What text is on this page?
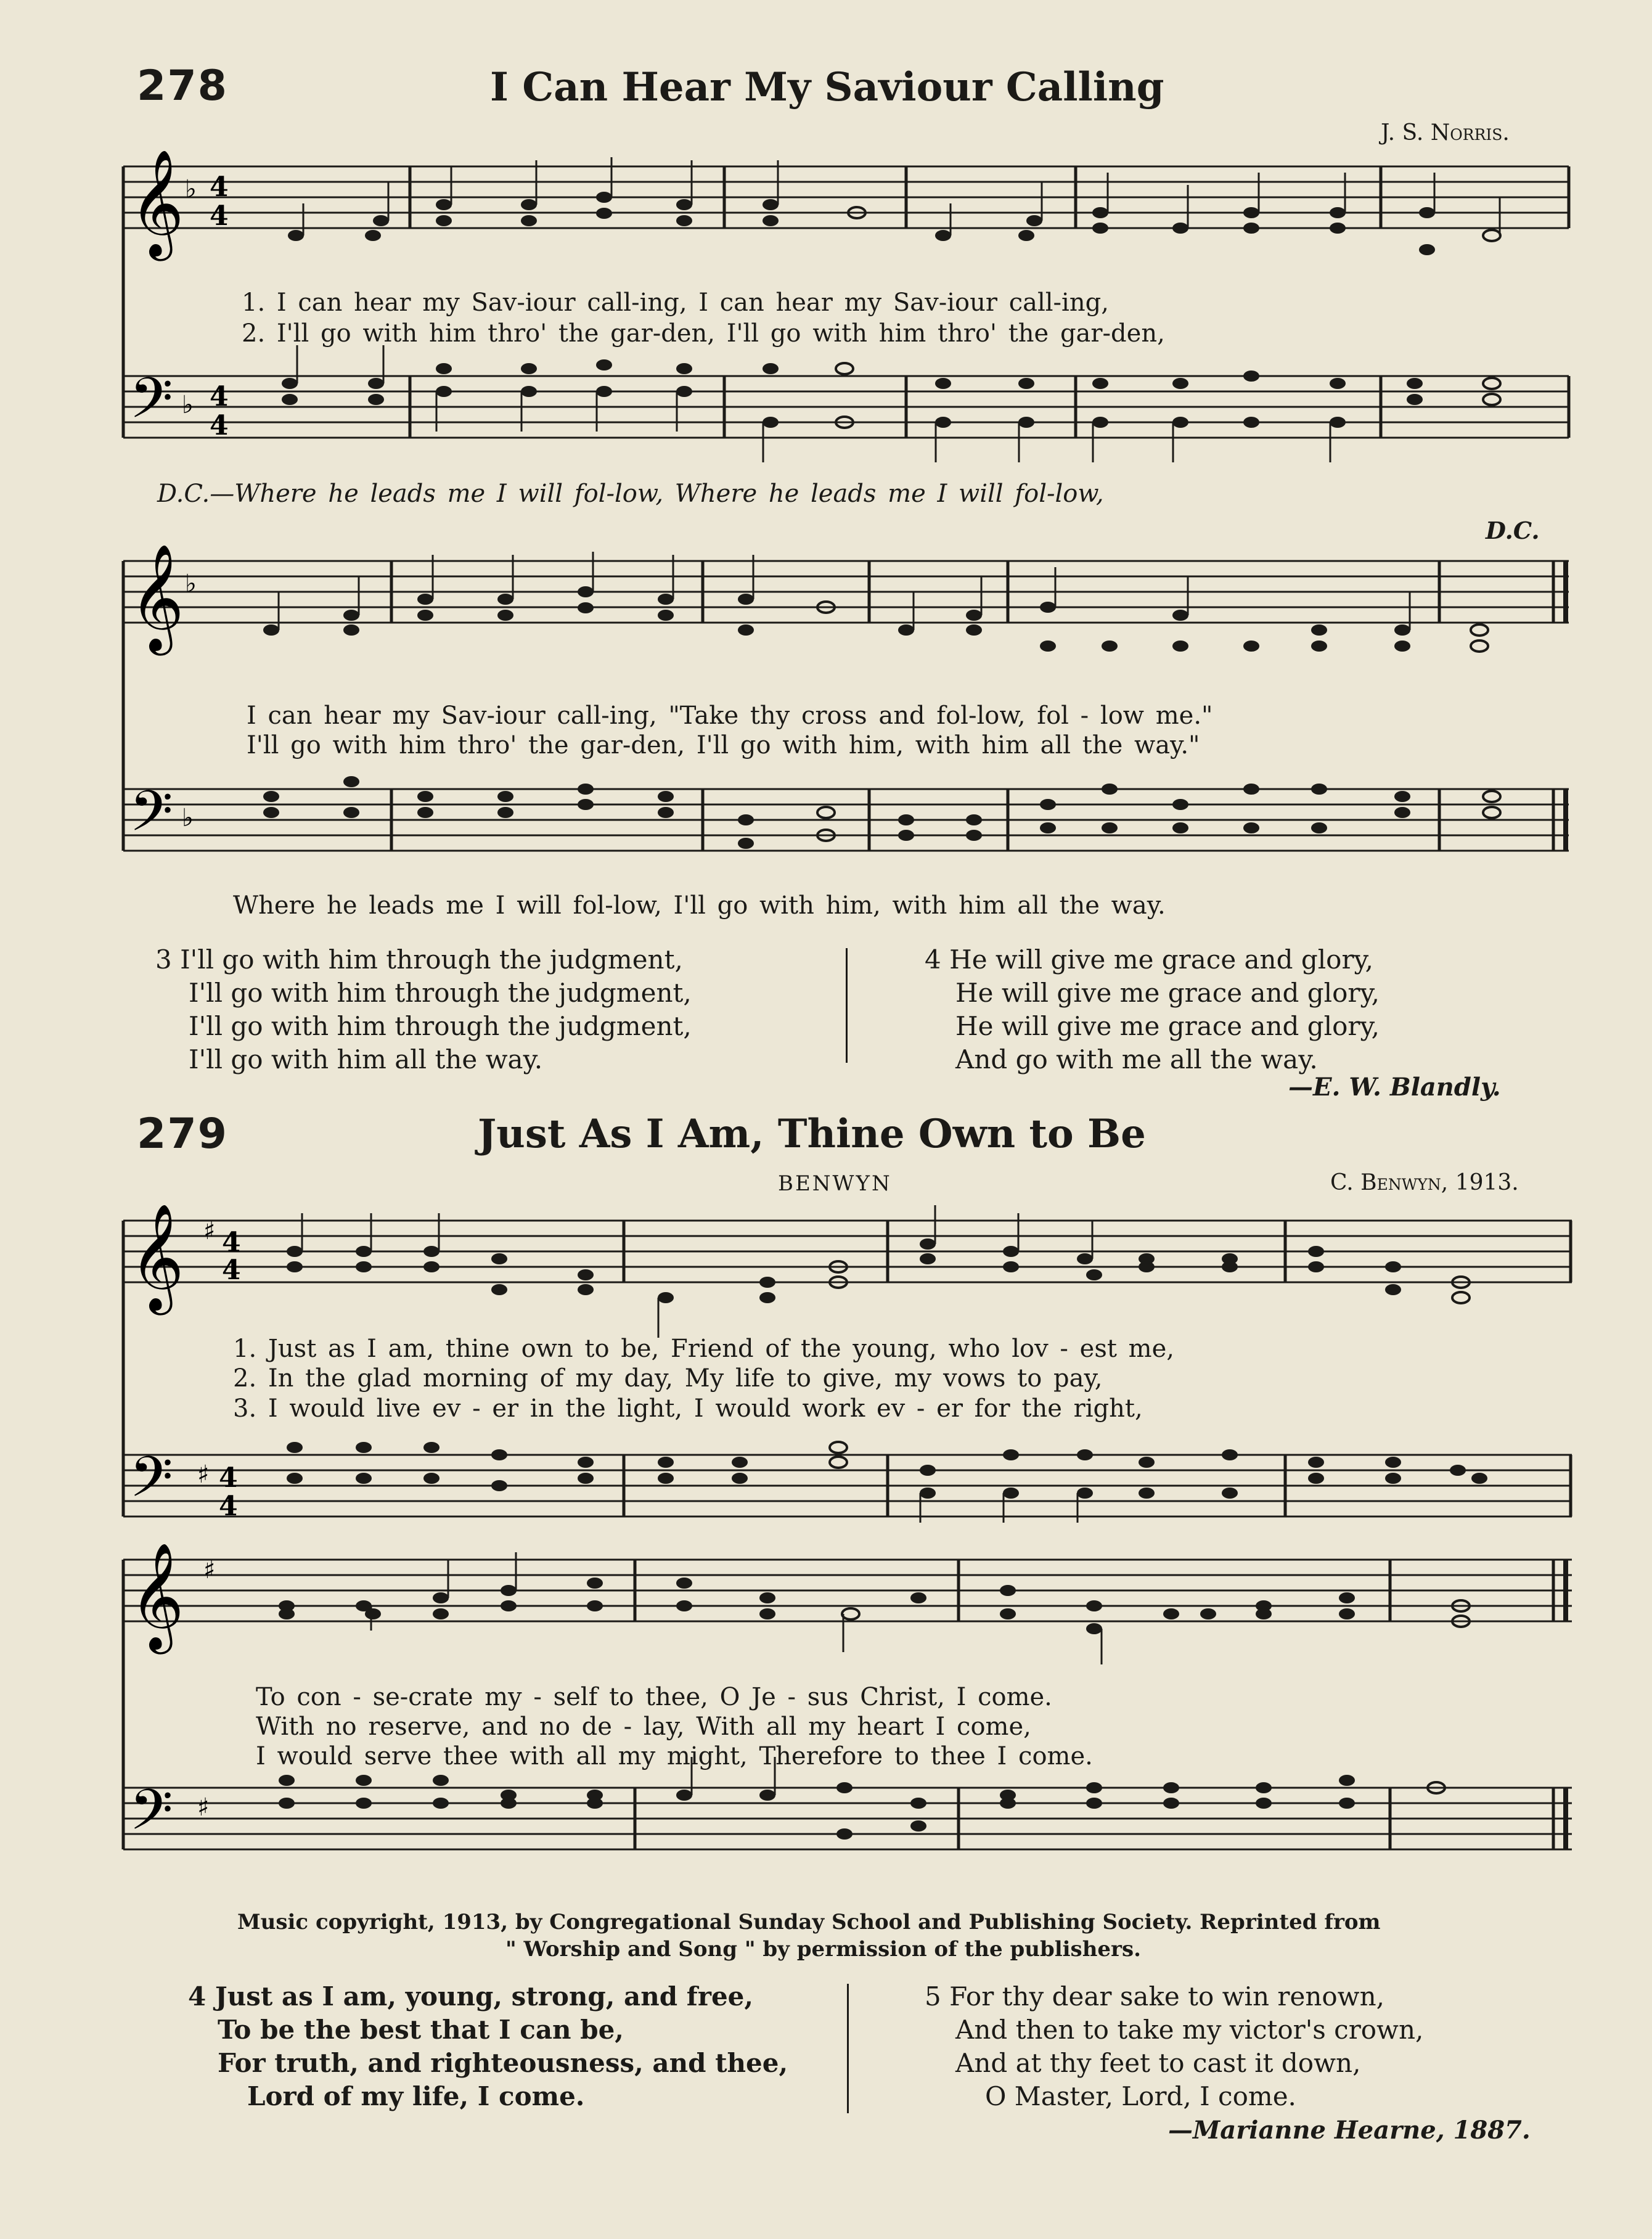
278	I Can Hear My Saviour Calling
J. S. Norris.
𝄞
𝄢
♭ 4
4
♭ 4
4
1. I can hear my Sav-iour call-ing, I can hear my Sav-iour call-ing,
2. I'll go with him thro' the gar-den, I'll go with him thro' the gar-den,
D.C.—Where he leads me I will fol-low, Where he leads me I will fol-low,
D.C.
𝄞
𝄢
♭
♭
I can hear my Sav-iour call-ing, "Take thy cross and fol-low, fol - low me."
I'll go with him thro' the gar-den, I'll go with him, with him all the way."
Where he leads me I will fol-low, I'll go with him, with him all the way.
3 I'll go with him through the judgment,
I'll go with him through the judgment,
I'll go with him through the judgment,
I'll go with him all the way.
4 He will give me grace and glory,
He will give me grace and glory,
He will give me grace and glory,
And go with me all the way.
—E. W. Blandly.
279	Just As I Am, Thine Own to Be
BENWYN	C. Benwyn, 1913.
𝄞
𝄢
♯ 4
4
♯ 4
4
1. Just as I am, thine own to be, Friend of the young, who lov - est me,
2. In the glad morning of my day, My life to give, my vows to pay,
3. I would live ev - er in the light, I would work ev - er for the right,
𝄞
𝄢
♯
♯
To con - se-crate my - self to thee, O Je - sus Christ, I come.
With no reserve, and no de - lay, With all my heart I come,
I would serve thee with all my might, Therefore to thee I come.
Music copyright, 1913, by Congregational Sunday School and Publishing Society. Reprinted from
" Worship and Song " by permission of the publishers.
4 Just as I am, young, strong, and free,
To be the best that I can be,
For truth, and righteousness, and thee,
Lord of my life, I come.
5 For thy dear sake to win renown,
And then to take my victor's crown,
And at thy feet to cast it down,
O Master, Lord, I come.
—Marianne Hearne, 1887.
